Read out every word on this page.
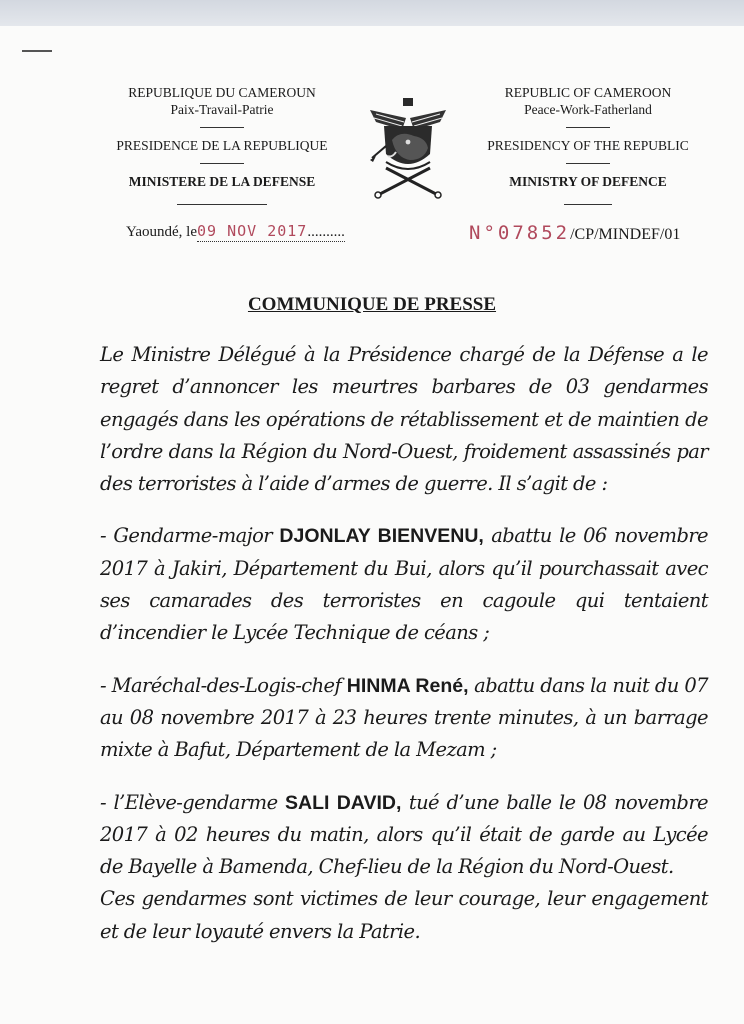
REPUBLIQUE DU CAMEROUN
Paix-Travail-Patrie
PRESIDENCE DE LA REPUBLIQUE
MINISTERE DE LA DEFENSE
REPUBLIC OF CAMEROON
Peace-Work-Fatherland
PRESIDENCY OF THE REPUBLIC
MINISTRY OF DEFENCE
Yaoundé, le09 NOV 2017..........	N°07852/CP/MINDEF/01
COMMUNIQUE DE PRESSE

Le Ministre Délégué à la Présidence chargé de la Défense a le regret d’annoncer les meurtres barbares de 03 gendarmes engagés dans les opérations de rétablissement et de maintien de l’ordre dans la Région du Nord-Ouest, froidement assassinés par des terroristes à l’aide d’armes de guerre. Il s’agit de :

- Gendarme-major DJONLAY BIENVENU, abattu le 06 novembre 2017 à Jakiri, Département du Bui, alors qu’il pourchassait avec ses camarades des terroristes en cagoule qui tentaient d’incendier le Lycée Technique de céans ;

- Maréchal-des-Logis-chef HINMA René, abattu dans la nuit du 07 au 08 novembre 2017 à 23 heures trente minutes, à un barrage mixte à Bafut, Département de la Mezam ;

- l’Elève-gendarme SALI DAVID, tué d’une balle le 08 novembre 2017 à 02 heures du matin, alors qu’il était de garde au Lycée de Bayelle à Bamenda, Chef-lieu de la Région du Nord-Ouest.

Ces gendarmes sont victimes de leur courage, leur engagement et de leur loyauté envers la Patrie.
